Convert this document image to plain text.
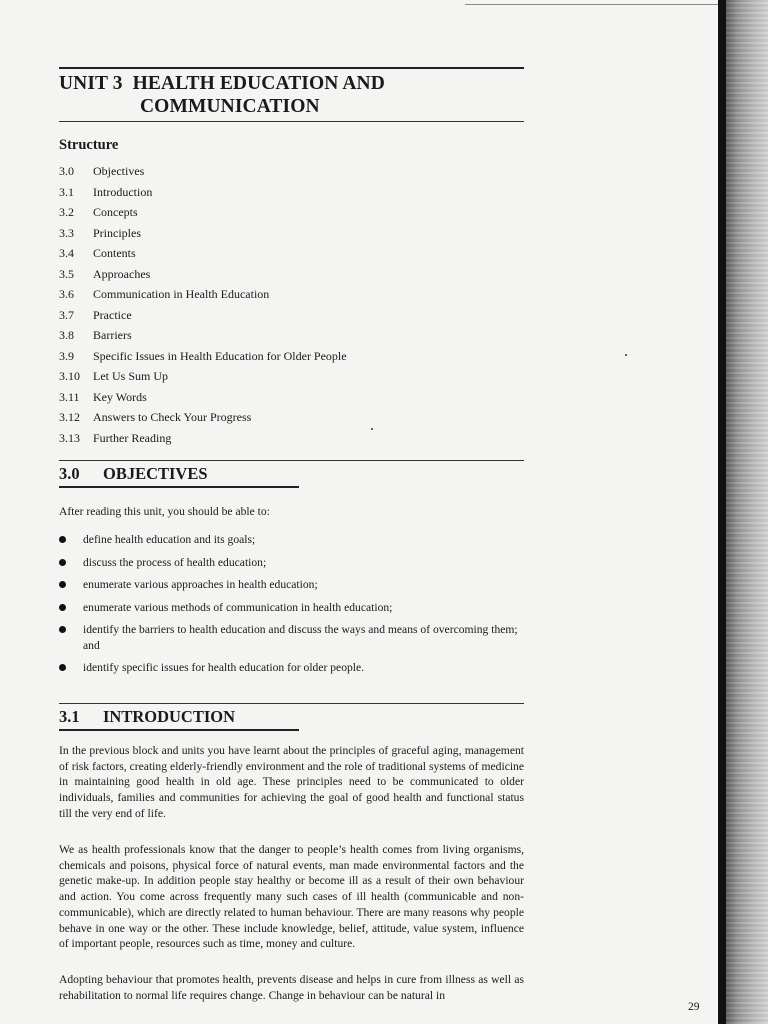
UNIT 3 HEALTH EDUCATION AND
COMMUNICATION
Structure
3.0	Objectives
3.1	Introduction
3.2	Concepts
3.3	Principles
3.4	Contents
3.5	Approaches
3.6	Communication in Health Education
3.7	Practice
3.8	Barriers
3.9	Specific Issues in Health Education for Older People
3.10	Let Us Sum Up
3.11	Key Words
3.12	Answers to Check Your Progress
3.13	Further Reading
3.0 OBJECTIVES
After reading this unit, you should be able to:
define health education and its goals;
discuss the process of health education;
enumerate various approaches in health education;
enumerate various methods of communication in health education;
identify the barriers to health education and discuss the ways and means of overcoming them; and
identify specific issues for health education for older people.
3.1 INTRODUCTION
In the previous block and units you have learnt about the principles of graceful aging, management of risk factors, creating elderly-friendly environment and the role of traditional systems of medicine in maintaining good health in old age. These principles need to be communicated to older individuals, families and communities for achieving the goal of good health and functional status till the very end of life.
We as health professionals know that the danger to people’s health comes from living organisms, chemicals and poisons, physical force of natural events, man made environmental factors and the genetic make-up. In addition people stay healthy or become ill as a result of their own behaviour and action. You come across frequently many such cases of ill health (communicable and non-communicable), which are directly related to human behaviour. There are many reasons why people behave in one way or the other. These include knowledge, belief, attitude, value system, influence of important people, resources such as time, money and culture.
Adopting behaviour that promotes health, prevents disease and helps in cure from illness as well as rehabilitation to normal life requires change. Change in behaviour can be natural in
29
